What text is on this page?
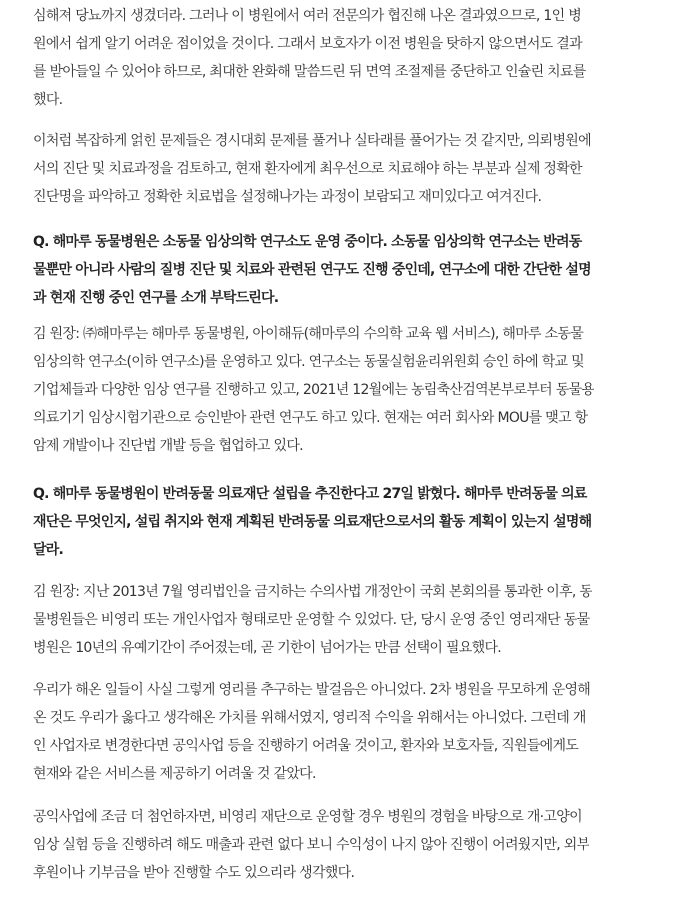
심해져 당뇨까지 생겼더라. 그러나 이 병원에서 여러 전문의가 협진해 나온 결과였으므로, 1인 병
원에서 쉽게 알기 어려운 점이었을 것이다. 그래서 보호자가 이전 병원을 탓하지 않으면서도 결과
를 받아들일 수 있어야 하므로, 최대한 완화해 말씀드린 뒤 면역 조절제를 중단하고 인슐린 치료를
했다.

이처럼 복잡하게 얽힌 문제들은 경시대회 문제를 풀거나 실타래를 풀어가는 것 같지만, 의뢰병원에
서의 진단 및 치료과정을 검토하고, 현재 환자에게 최우선으로 치료해야 하는 부분과 실제 정확한
진단명을 파악하고 정확한 치료법을 설정해나가는 과정이 보람되고 재미있다고 여겨진다.

Q. 해마루 동물병원은 소동물 임상의학 연구소도 운영 중이다. 소동물 임상의학 연구소는 반려동
물뿐만 아니라 사람의 질병 진단 및 치료와 관련된 연구도 진행 중인데, 연구소에 대한 간단한 설명
과 현재 진행 중인 연구를 소개 부탁드린다.

김 원장: ㈜해마루는 해마루 동물병원, 아이해듀(해마루의 수의학 교육 웹 서비스), 해마루 소동물
임상의학 연구소(이하 연구소)를 운영하고 있다. 연구소는 동물실험윤리위원회 승인 하에 학교 및
기업체들과 다양한 임상 연구를 진행하고 있고, 2021년 12월에는 농림축산검역본부로부터 동물용
의료기기 임상시험기관으로 승인받아 관련 연구도 하고 있다. 현재는 여러 회사와 MOU를 맺고 항
암제 개발이나 진단법 개발 등을 협업하고 있다.

Q. 해마루 동물병원이 반려동물 의료재단 설립을 추진한다고 27일 밝혔다. 해마루 반려동물 의료
재단은 무엇인지, 설립 취지와 현재 계획된 반려동물 의료재단으로서의 활동 계획이 있는지 설명해
달라.

김 원장: 지난 2013년 7월 영리법인을 금지하는 수의사법 개정안이 국회 본회의를 통과한 이후, 동
물병원들은 비영리 또는 개인사업자 형태로만 운영할 수 있었다. 단, 당시 운영 중인 영리재단 동물
병원은 10년의 유예기간이 주어졌는데, 곧 기한이 넘어가는 만큼 선택이 필요했다.

우리가 해온 일들이 사실 그렇게 영리를 추구하는 발걸음은 아니었다. 2차 병원을 무모하게 운영해
온 것도 우리가 옳다고 생각해온 가치를 위해서였지, 영리적 수익을 위해서는 아니었다. 그런데 개
인 사업자로 변경한다면 공익사업 등을 진행하기 어려울 것이고, 환자와 보호자들, 직원들에게도
현재와 같은 서비스를 제공하기 어려울 것 같았다.

공익사업에 조금 더 첨언하자면, 비영리 재단으로 운영할 경우 병원의 경험을 바탕으로 개·고양이
임상 실험 등을 진행하려 해도 매출과 관련 없다 보니 수익성이 나지 않아 진행이 어려웠지만, 외부
후원이나 기부금을 받아 진행할 수도 있으리라 생각했다.
